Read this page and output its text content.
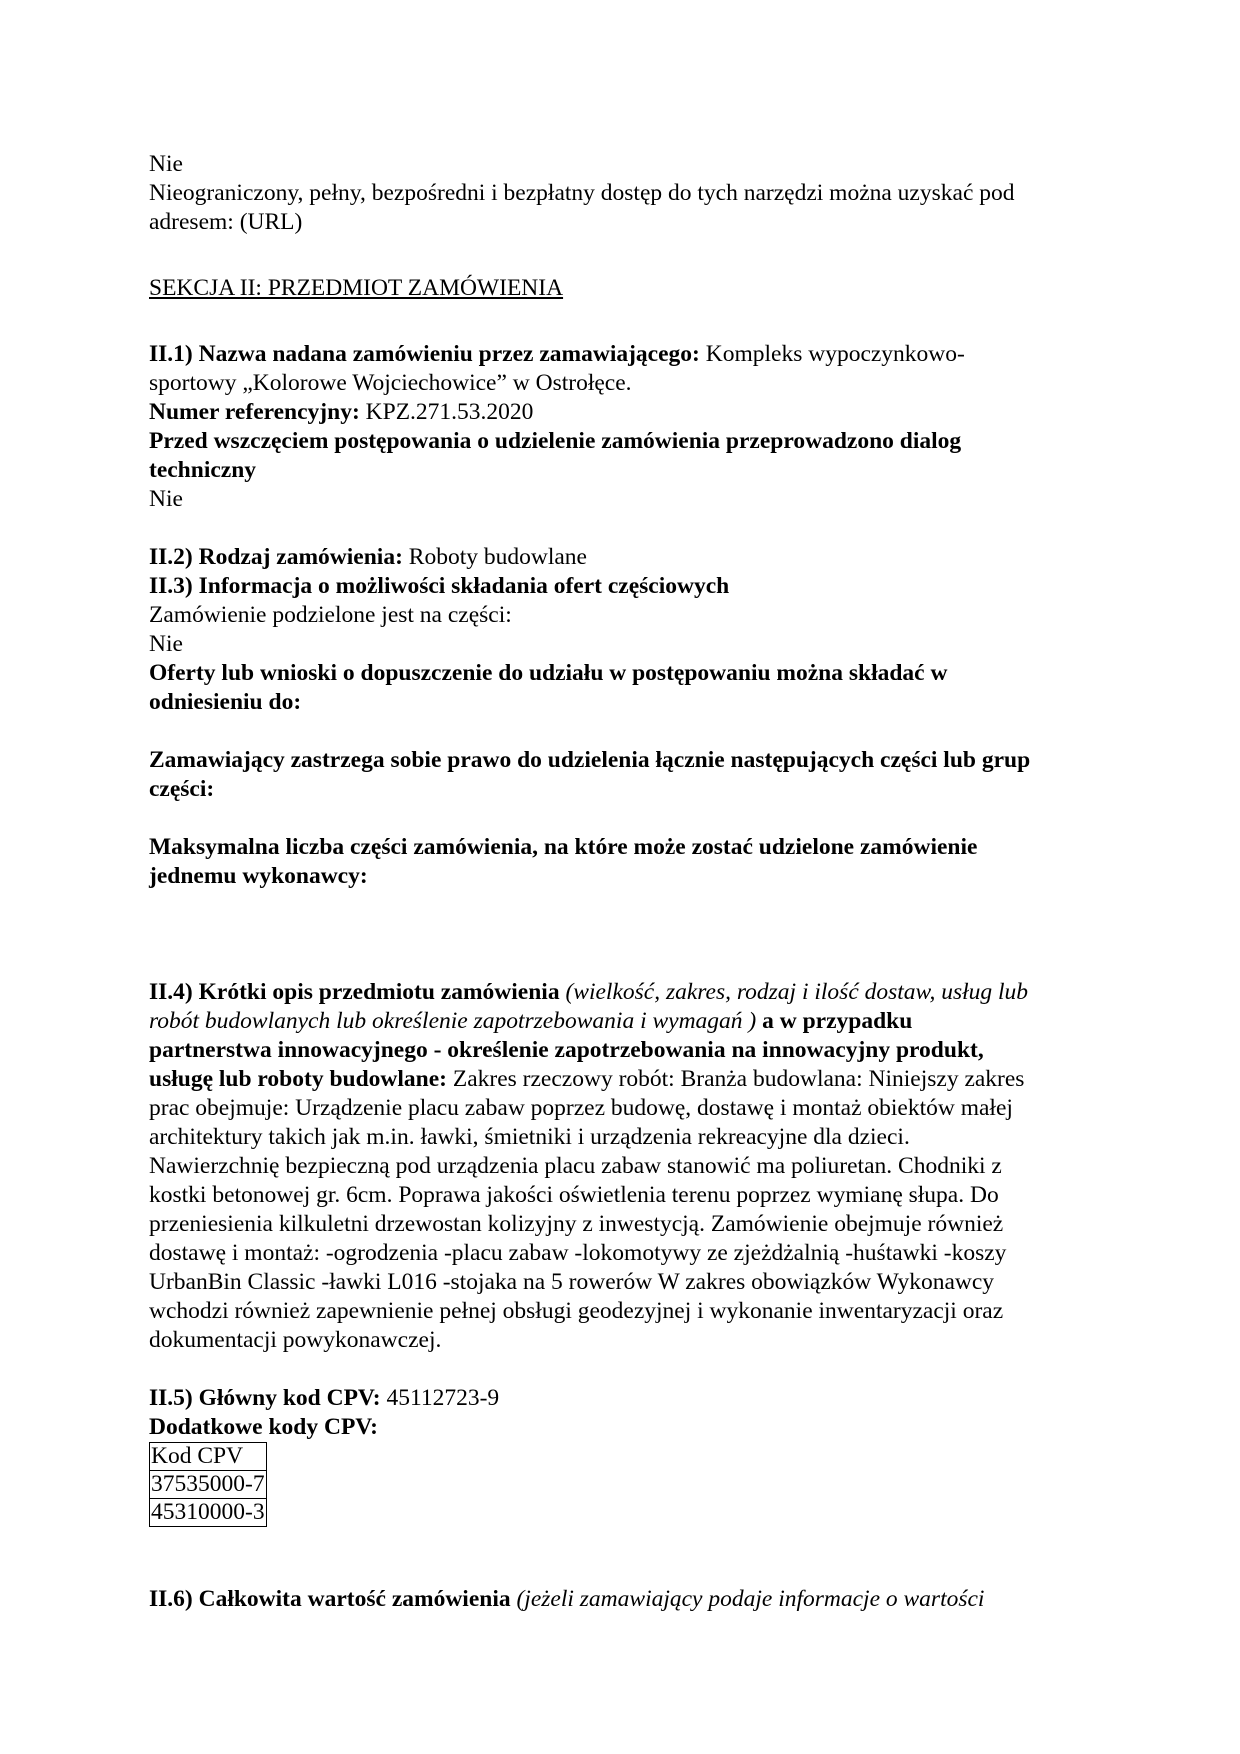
Nie

Nieograniczony, pełny, bezpośredni i bezpłatny dostęp do tych narzędzi można uzyskać pod

adresem: (URL)

SEKCJA II: PRZEDMIOT ZAMÓWIENIA

II.1) Nazwa nadana zamówieniu przez zamawiającego: Kompleks wypoczynkowo-

sportowy „Kolorowe Wojciechowice” w Ostrołęce.

Numer referencyjny: KPZ.271.53.2020

Przed wszczęciem postępowania o udzielenie zamówienia przeprowadzono dialog

techniczny

Nie

II.2) Rodzaj zamówienia: Roboty budowlane

II.3) Informacja o możliwości składania ofert częściowych

Zamówienie podzielone jest na części:

Nie

Oferty lub wnioski o dopuszczenie do udziału w postępowaniu można składać w

odniesieniu do:

Zamawiający zastrzega sobie prawo do udzielenia łącznie następujących części lub grup

części:

Maksymalna liczba części zamówienia, na które może zostać udzielone zamówienie

jednemu wykonawcy:

II.4) Krótki opis przedmiotu zamówienia (wielkość, zakres, rodzaj i ilość dostaw, usług lub

robót budowlanych lub określenie zapotrzebowania i wymagań ) a w przypadku

partnerstwa innowacyjnego - określenie zapotrzebowania na innowacyjny produkt,

usługę lub roboty budowlane: Zakres rzeczowy robót: Branża budowlana: Niniejszy zakres

prac obejmuje: Urządzenie placu zabaw poprzez budowę, dostawę i montaż obiektów małej

architektury takich jak m.in. ławki, śmietniki i urządzenia rekreacyjne dla dzieci.

Nawierzchnię bezpieczną pod urządzenia placu zabaw stanowić ma poliuretan. Chodniki z

kostki betonowej gr. 6cm. Poprawa jakości oświetlenia terenu poprzez wymianę słupa. Do

przeniesienia kilkuletni drzewostan kolizyjny z inwestycją. Zamówienie obejmuje również

dostawę i montaż: -ogrodzenia -placu zabaw -lokomotywy ze zjeżdżalnią -huśtawki -koszy

UrbanBin Classic -ławki L016 -stojaka na 5 rowerów W zakres obowiązków Wykonawcy

wchodzi również zapewnienie pełnej obsługi geodezyjnej i wykonanie inwentaryzacji oraz

dokumentacji powykonawczej.

II.5) Główny kod CPV: 45112723-9

Dodatkowe kody CPV:

Kod CPV
37535000-7
45310000-3

II.6) Całkowita wartość zamówienia (jeżeli zamawiający podaje informacje o wartości
